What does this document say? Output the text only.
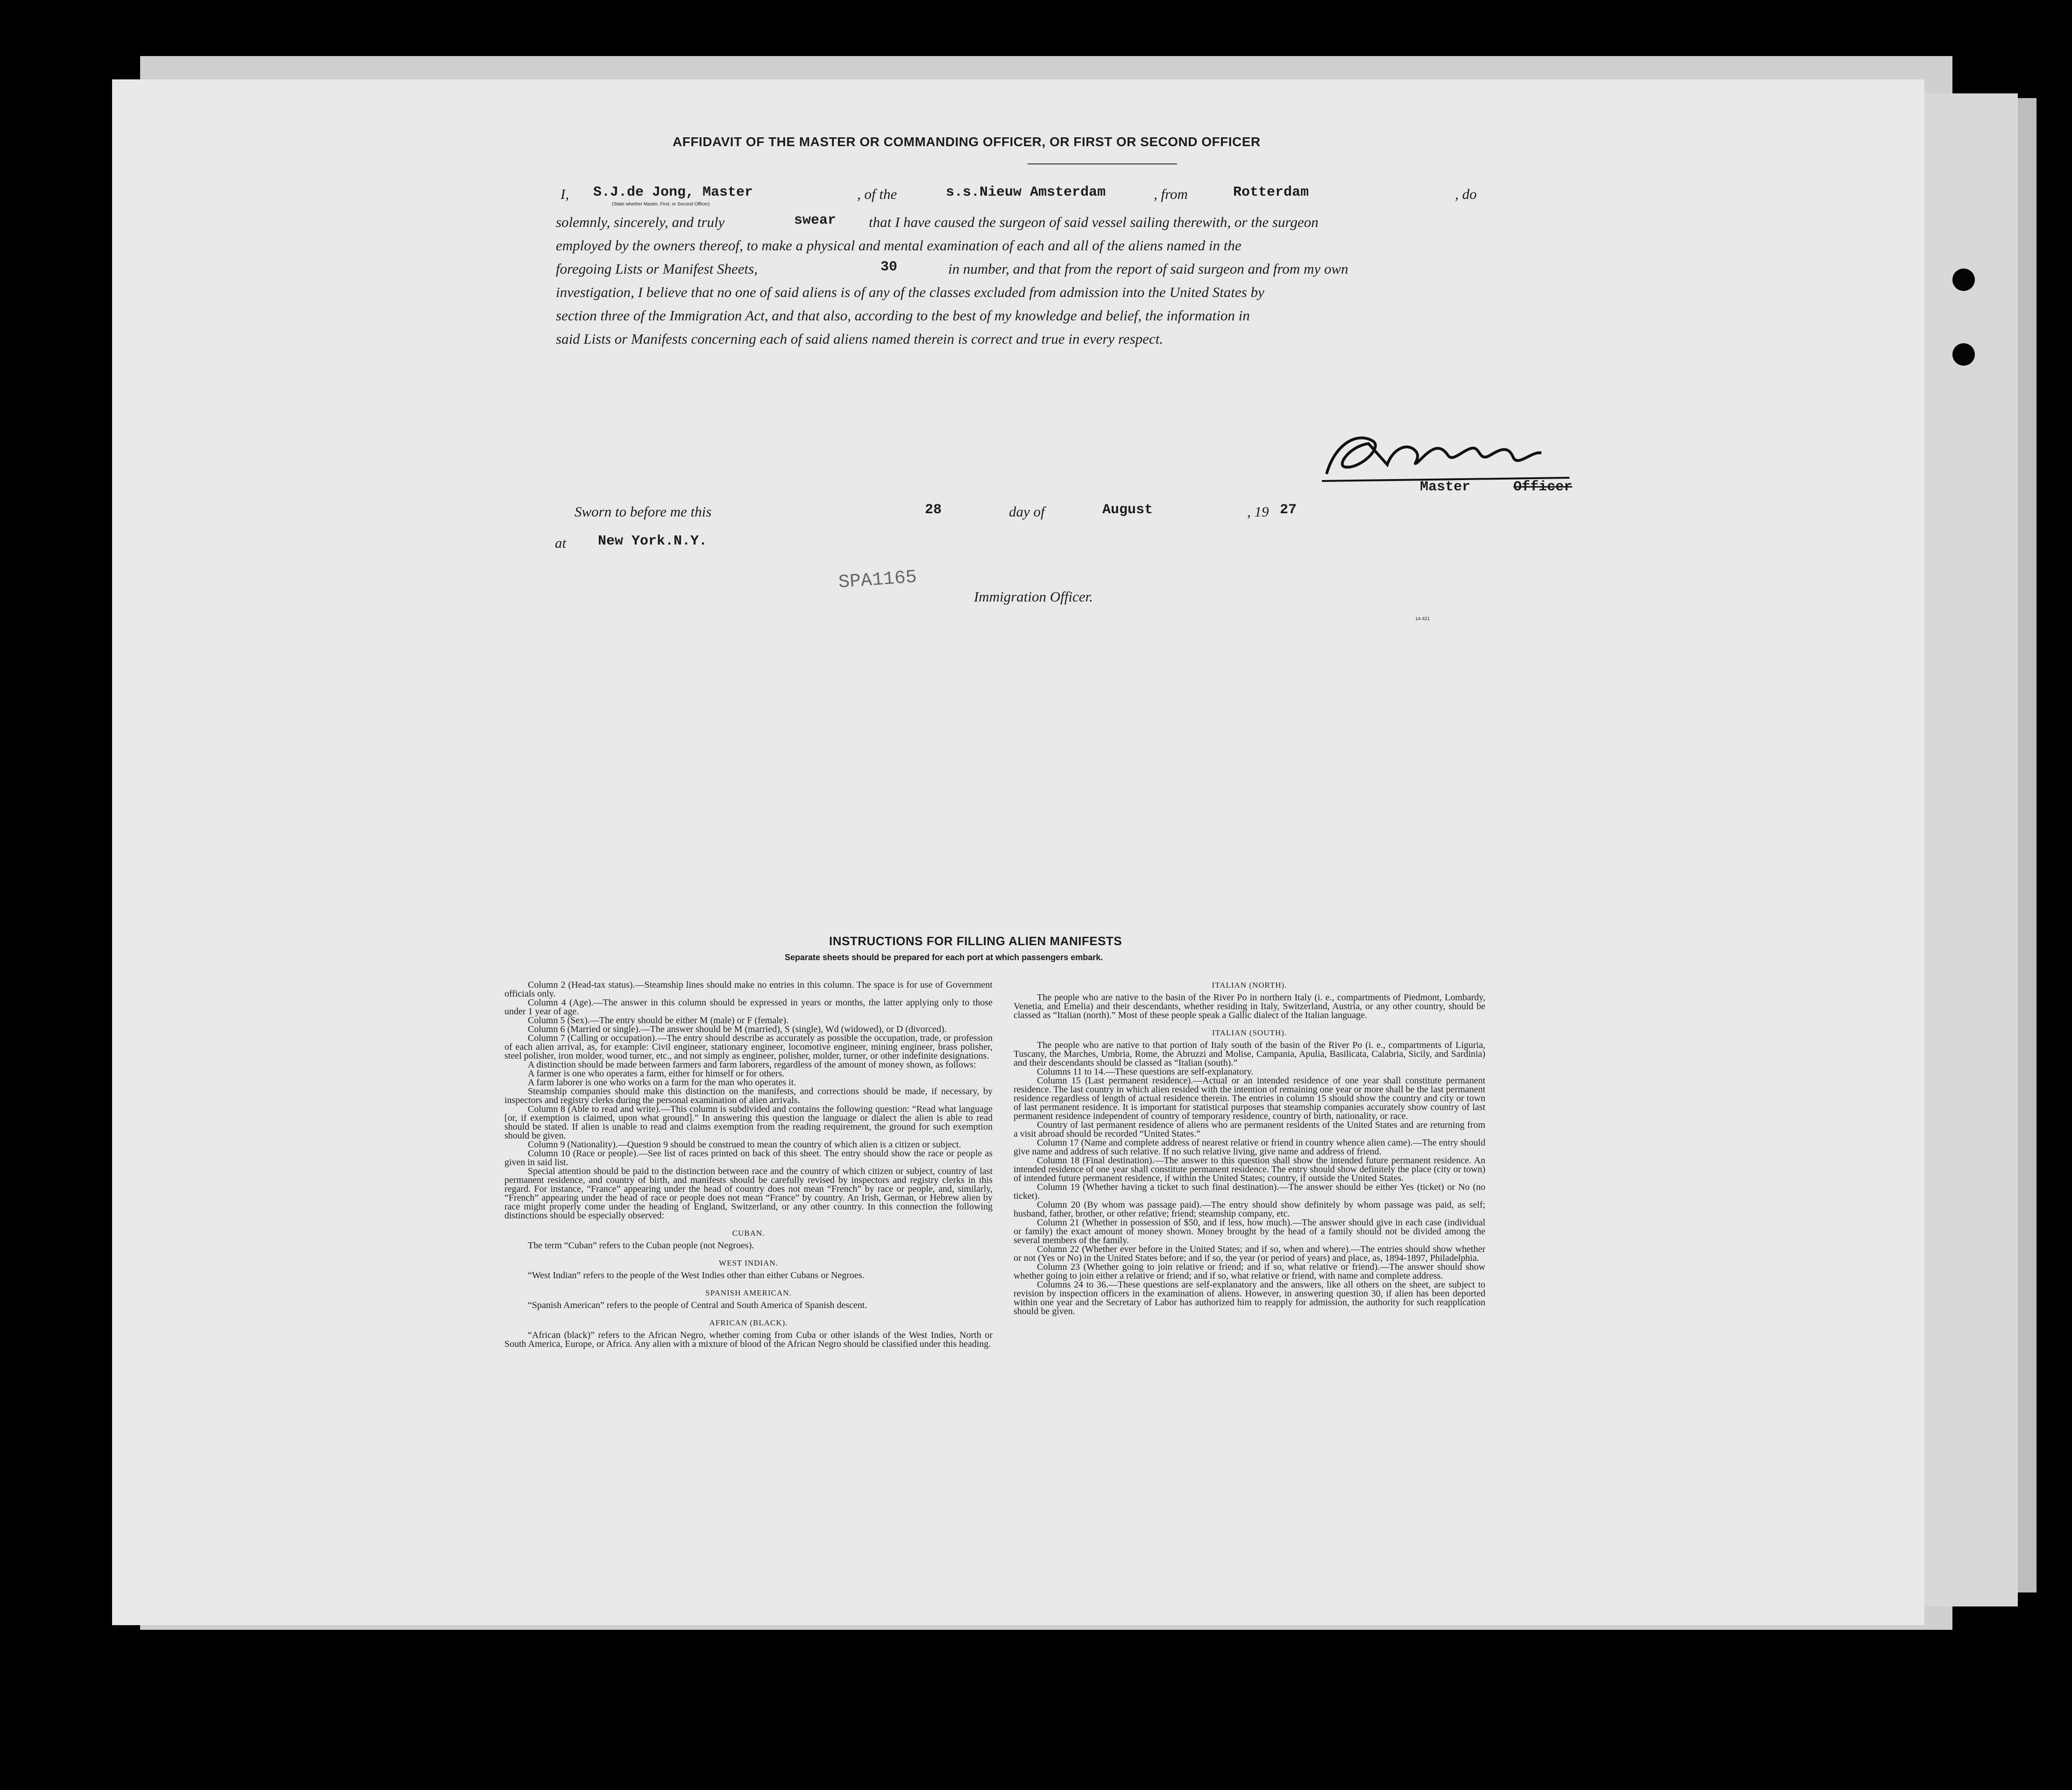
AFFIDAVIT OF THE MASTER OR COMMANDING OFFICER, OR FIRST OR SECOND OFFICER
I, S.J.de Jong, Master
(State whether Master, First, or Second Officer)
, of the	s.s.Nieuw Amsterdam	, from	Rotterdam	, do
solemnly, sincerely, and truly	swear that I have caused the surgeon of said vessel sailing therewith, or the surgeon
employed by the owners thereof, to make a physical and mental examination of each and all of the aliens named in the
foregoing Lists or Manifest Sheets,	30	in number, and that from the report of said surgeon and from my own
investigation, I believe that no one of said aliens is of any of the classes excluded from admission into the United States by
section three of the Immigration Act, and that also, according to the best of my knowledge and belief, the information in
said Lists or Manifests concerning each of said aliens named therein is correct and true in every respect.
Master	Officer
Sworn to before me this	28	day of	August	, 19 27
at New York.N.Y.
SPA1165
Immigration Officer.
14-421
INSTRUCTIONS FOR FILLING ALIEN MANIFESTS
Separate sheets should be prepared for each port at which passengers embark.

Column 2 (Head-tax status).—Steamship lines should make no entries in this column. The space is for use of Government officials only.

Column 4 (Age).—The answer in this column should be expressed in years or months, the latter applying only to those under 1 year of age.

Column 5 (Sex).—The entry should be either M (male) or F (female).

Column 6 (Married or single).—The answer should be M (married), S (single), Wd (widowed), or D (divorced).

Column 7 (Calling or occupation).—The entry should describe as accurately as possible the occupation, trade, or profession of each alien arrival, as, for example: Civil engineer, stationary engineer, locomotive engineer, mining engineer, brass polisher, steel polisher, iron molder, wood turner, etc., and not simply as engineer, polisher, molder, turner, or other indefinite designations.

A distinction should be made between farmers and farm laborers, regardless of the amount of money shown, as follows:

A farmer is one who operates a farm, either for himself or for others.

A farm laborer is one who works on a farm for the man who operates it.

Steamship companies should make this distinction on the manifests, and corrections should be made, if necessary, by inspectors and registry clerks during the personal examination of alien arrivals.

Column 8 (Able to read and write).—This column is subdivided and contains the following question: “Read what language [or, if exemption is claimed, upon what ground].” In answering this question the language or dialect the alien is able to read should be stated. If alien is unable to read and claims exemption from the reading requirement, the ground for such exemption should be given.

Column 9 (Nationality).—Question 9 should be construed to mean the country of which alien is a citizen or subject.

Column 10 (Race or people).—See list of races printed on back of this sheet. The entry should show the race or people as given in said list.

Special attention should be paid to the distinction between race and the country of which citizen or subject, country of last permanent residence, and country of birth, and manifests should be carefully revised by inspectors and registry clerks in this regard. For instance, “France” appearing under the head of country does not mean “French” by race or people, and, similarly, “French” appearing under the head of race or people does not mean “France” by country. An Irish, German, or Hebrew alien by race might properly come under the heading of England, Switzerland, or any other country. In this connection the following distinctions should be especially observed:

CUBAN.

The term “Cuban” refers to the Cuban people (not Negroes).

WEST INDIAN.

“West Indian” refers to the people of the West Indies other than either Cubans or Negroes.

SPANISH AMERICAN.

“Spanish American” refers to the people of Central and South America of Spanish descent.

AFRICAN (BLACK).

“African (black)” refers to the African Negro, whether coming from Cuba or other islands of the West Indies, North or South America, Europe, or Africa. Any alien with a mixture of blood of the African Negro should be classified under this heading.

ITALIAN (NORTH).

The people who are native to the basin of the River Po in northern Italy (i. e., compartments of Piedmont, Lombardy, Venetia, and Emelia) and their descendants, whether residing in Italy, Switzerland, Austria, or any other country, should be classed as “Italian (north).” Most of these people speak a Gallic dialect of the Italian language.

ITALIAN (SOUTH).

The people who are native to that portion of Italy south of the basin of the River Po (i. e., compartments of Liguria, Tuscany, the Marches, Umbria, Rome, the Abruzzi and Molise, Campania, Apulia, Basilicata, Calabria, Sicily, and Sardinia) and their descendants should be classed as “Italian (south).”

Columns 11 to 14.—These questions are self-explanatory.

Column 15 (Last permanent residence).—Actual or an intended residence of one year shall constitute permanent residence. The last country in which alien resided with the intention of remaining one year or more shall be the last permanent residence regardless of length of actual residence therein. The entries in column 15 should show the country and city or town of last permanent residence. It is important for statistical purposes that steamship companies accurately show country of last permanent residence independent of country of temporary residence, country of birth, nationality, or race.

Country of last permanent residence of aliens who are permanent residents of the United States and are returning from a visit abroad should be recorded “United States.”

Column 17 (Name and complete address of nearest relative or friend in country whence alien came).—The entry should give name and address of such relative. If no such relative living, give name and address of friend.

Column 18 (Final destination).—The answer to this question shall show the intended future permanent residence. An intended residence of one year shall constitute permanent residence. The entry should show definitely the place (city or town) of intended future permanent residence, if within the United States; country, if outside the United States.

Column 19 (Whether having a ticket to such final destination).—The answer should be either Yes (ticket) or No (no ticket).

Column 20 (By whom was passage paid).—The entry should show definitely by whom passage was paid, as self; husband, father, brother, or other relative; friend; steamship company, etc.

Column 21 (Whether in possession of $50, and if less, how much).—The answer should give in each case (individual or family) the exact amount of money shown. Money brought by the head of a family should not be divided among the several members of the family.

Column 22 (Whether ever before in the United States; and if so, when and where).—The entries should show whether or not (Yes or No) in the United States before; and if so, the year (or period of years) and place, as, 1894-1897, Philadelphia.

Column 23 (Whether going to join relative or friend; and if so, what relative or friend).—The answer should show whether going to join either a relative or friend; and if so, what relative or friend, with name and complete address.

Columns 24 to 36.—These questions are self-explanatory and the answers, like all others on the sheet, are subject to revision by inspection officers in the examination of aliens. However, in answering question 30, if alien has been deported within one year and the Secretary of Labor has authorized him to reapply for admission, the authority for such reapplication should be given.
